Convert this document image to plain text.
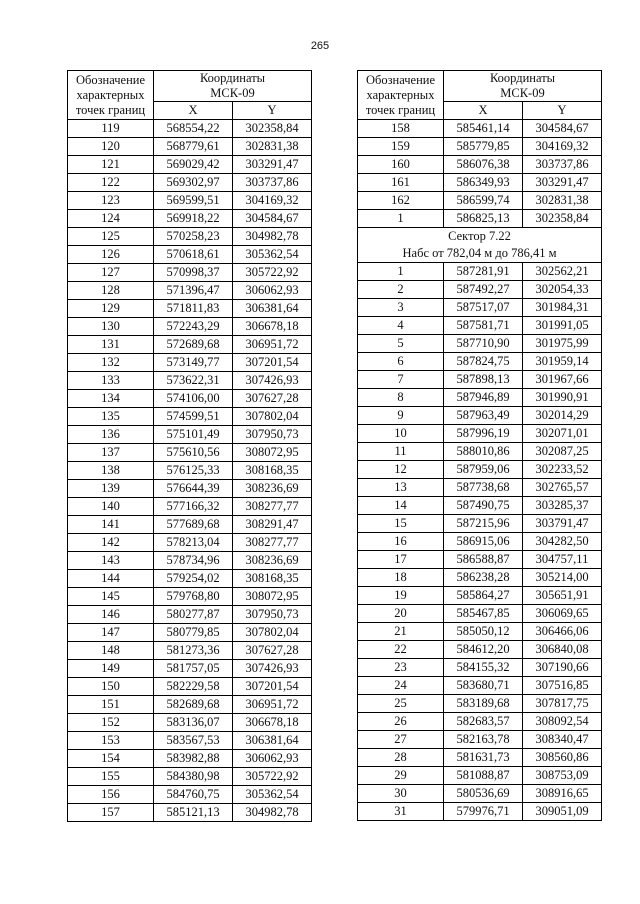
265
Обозначение
характерных
точек границ	Координаты
МСК-09	
	X	Y
119	568554,22	302358,84
120	568779,61	302831,38
121	569029,42	303291,47
122	569302,97	303737,86
123	569599,51	304169,32
124	569918,22	304584,67
125	570258,23	304982,78
126	570618,61	305362,54
127	570998,37	305722,92
128	571396,47	306062,93
129	571811,83	306381,64
130	572243,29	306678,18
131	572689,68	306951,72
132	573149,77	307201,54
133	573622,31	307426,93
134	574106,00	307627,28
135	574599,51	307802,04
136	575101,49	307950,73
137	575610,56	308072,95
138	576125,33	308168,35
139	576644,39	308236,69
140	577166,32	308277,77
141	577689,68	308291,47
142	578213,04	308277,77
143	578734,96	308236,69
144	579254,02	308168,35
145	579768,80	308072,95
146	580277,87	307950,73
147	580779,85	307802,04
148	581273,36	307627,28
149	581757,05	307426,93
150	582229,58	307201,54
151	582689,68	306951,72
152	583136,07	306678,18
153	583567,53	306381,64
154	583982,88	306062,93
155	584380,98	305722,92
156	584760,75	305362,54
157	585121,13	304982,78
Обозначение
характерных
точек границ	Координаты
МСК-09	
	X	Y
158	585461,14	304584,67
159	585779,85	304169,32
160	586076,38	303737,86
161	586349,93	303291,47
162	586599,74	302831,38
1	586825,13	302358,84
Сектор 7.22
Набс от 782,04 м до 786,41 м		
1	587281,91	302562,21
2	587492,27	302054,33
3	587517,07	301984,31
4	587581,71	301991,05
5	587710,90	301975,99
6	587824,75	301959,14
7	587898,13	301967,66
8	587946,89	301990,91
9	587963,49	302014,29
10	587996,19	302071,01
11	588010,86	302087,25
12	587959,06	302233,52
13	587738,68	302765,57
14	587490,75	303285,37
15	587215,96	303791,47
16	586915,06	304282,50
17	586588,87	304757,11
18	586238,28	305214,00
19	585864,27	305651,91
20	585467,85	306069,65
21	585050,12	306466,06
22	584612,20	306840,08
23	584155,32	307190,66
24	583680,71	307516,85
25	583189,68	307817,75
26	582683,57	308092,54
27	582163,78	308340,47
28	581631,73	308560,86
29	581088,87	308753,09
30	580536,69	308916,65
31	579976,71	309051,09
